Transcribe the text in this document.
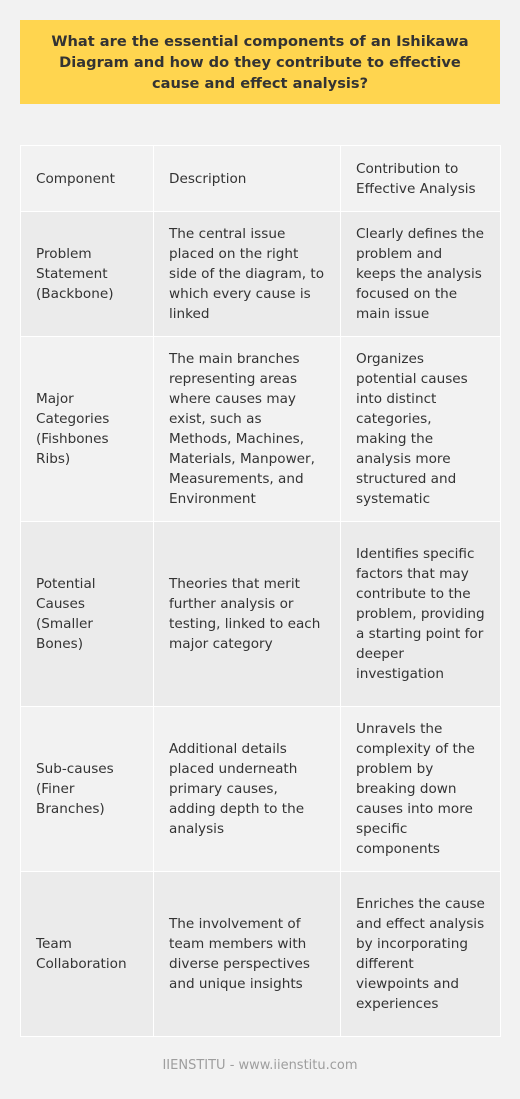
What are the essential components of an Ishikawa Diagram and how do they contribute to effective cause and effect analysis?
Component	Description	Contribution to Effective Analysis
Problem Statement (Backbone)	The central issue placed on the right side of the diagram, to which every cause is linked	Clearly defines the problem and keeps the analysis focused on the main issue
Major Categories (Fishbones Ribs)	The main branches representing areas where causes may exist, such as Methods, Machines, Materials, Manpower, Measurements, and Environment	Organizes potential causes into distinct categories, making the analysis more structured and systematic
Potential Causes (Smaller Bones)	Theories that merit further analysis or testing, linked to each major category	Identifies specific factors that may contribute to the problem, providing a starting point for deeper investigation
Sub-causes (Finer Branches)	Additional details placed underneath primary causes, adding depth to the analysis	Unravels the complexity of the problem by breaking down causes into more specific components
Team Collaboration	The involvement of team members with diverse perspectives and unique insights	Enriches the cause and effect analysis by incorporating different viewpoints and experiences
IIENSTITU - www.iienstitu.com
